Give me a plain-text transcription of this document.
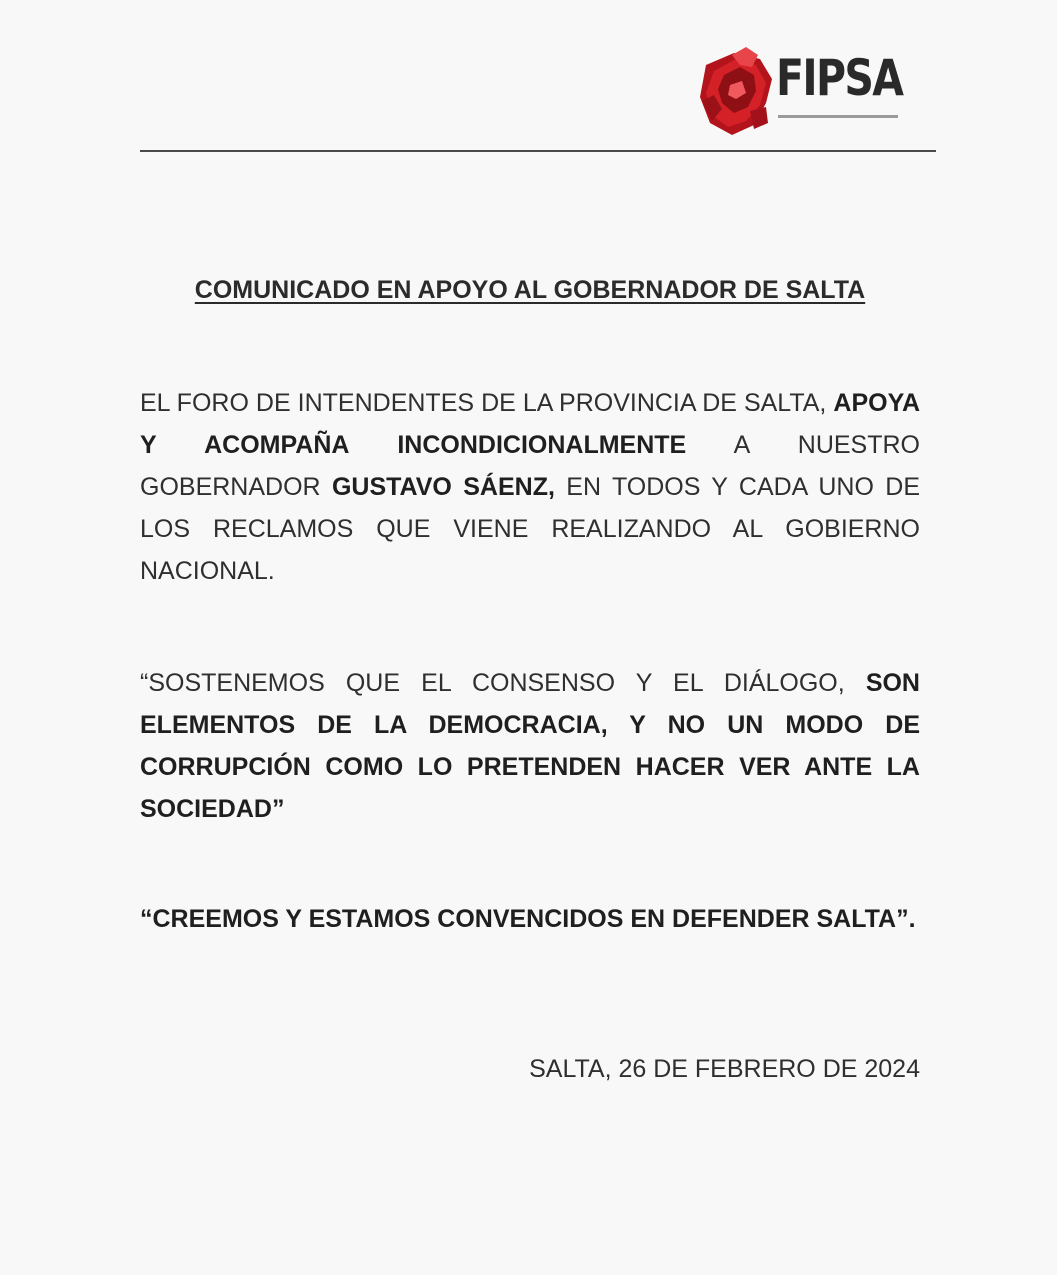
FIPSA
COMUNICADO EN APOYO AL GOBERNADOR DE SALTA
EL FORO DE INTENDENTES DE LA PROVINCIA DE SALTA, APOYA Y ACOMPAÑA INCONDICIONALMENTE A NUESTRO GOBERNADOR GUSTAVO SÁENZ, EN TODOS Y CADA UNO DE LOS RECLAMOS QUE VIENE REALIZANDO AL GOBIERNO NACIONAL.
“SOSTENEMOS QUE EL CONSENSO Y EL DIÁLOGO, SON ELEMENTOS DE LA DEMOCRACIA, Y NO UN MODO DE CORRUPCIÓN COMO LO PRETENDEN HACER VER ANTE LA SOCIEDAD”
“CREEMOS Y ESTAMOS CONVENCIDOS EN DEFENDER SALTA”.
SALTA, 26 DE FEBRERO DE 2024
